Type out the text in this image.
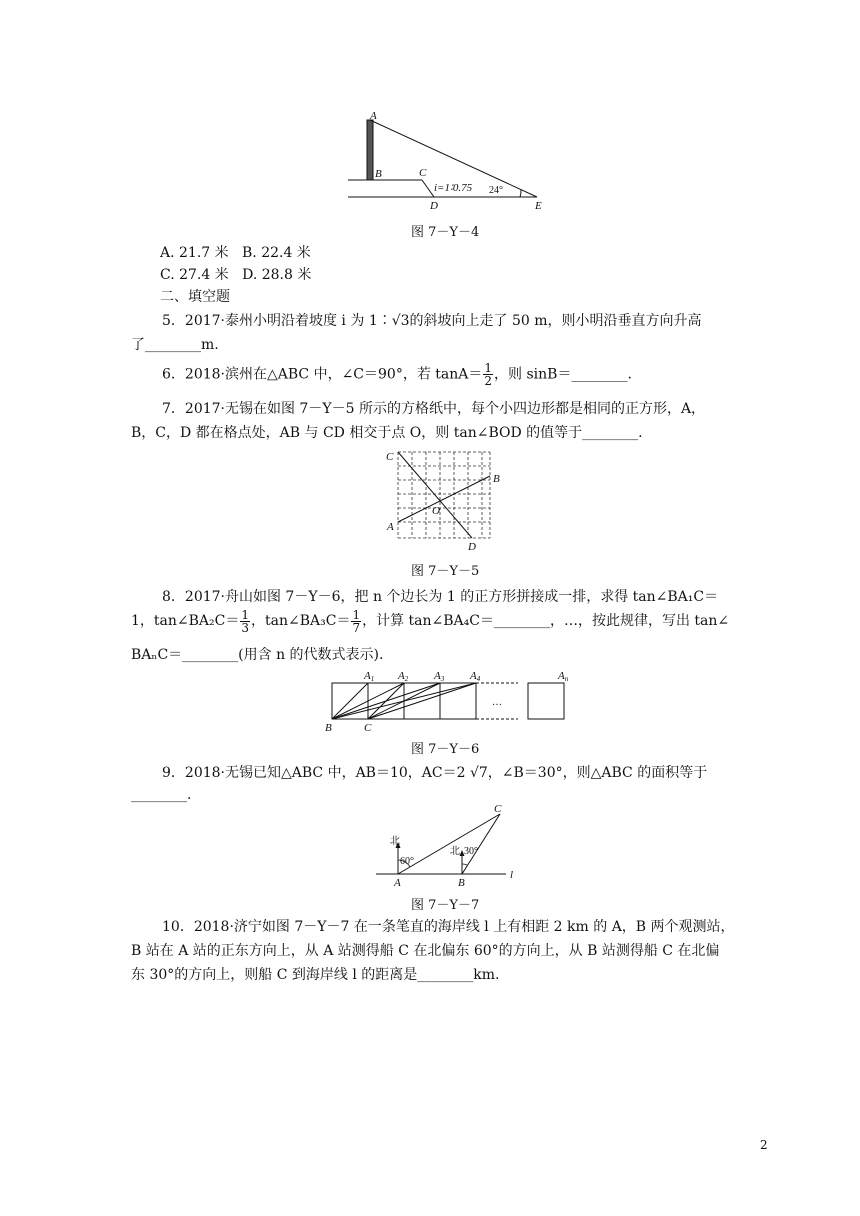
A
B	C
D	E
i=1∶0.75 24°
图 7－Y－4
A. 21.7 米 B. 22.4 米
C. 27.4 米 D. 28.8 米
二、填空题
5．2017·泰州小明沿着坡度 i 为 1∶√3的斜坡向上走了 50 m，则小明沿垂直方向升高
了________m.
6．2018·滨州在△ABC 中，∠C＝90°，若 $\tan A= \frac{1}{2}$ ，则 sinB＝________.
7．2017·无锡在如图 7－Y－5 所示的方格纸中，每个小四边形都是相同的正方形，A，
B，C，D 都在格点处，AB 与 CD 相交于点 O，则 tan∠BOD 的值等于________.
C
B
A
O
D
图 7－Y－5
8．2017·舟山如图 7－Y－6，把 n 个边长为 1 的正方形拼接成一排，求得 tan∠BA₁C＝
1，tan∠BA₂C＝ $\frac{1}{3}$ ，tan∠BA₃C＝ $\frac{1}{7}$ ，计算 tan∠BA₄C＝________，…，按此规律，写出 tan∠
BAₙC＝________(用含 n 的代数式表示).
A1 A2 A3 A4	An
…
B	C
图 7－Y－6
9．2018·无锡已知△ABC 中，AB＝10，AC＝2 √7，∠B＝30°，则△ABC 的面积等于
________.
北
北
60°
30°
A	B
C
l
图 7－Y－7
10．2018·济宁如图 7－Y－7 在一条笔直的海岸线 l 上有相距 2 km 的 A，B 两个观测站，
B 站在 A 站的正东方向上，从 A 站测得船 C 在北偏东 60°的方向上，从 B 站测得船 C 在北偏
东 30°的方向上，则船 C 到海岸线 l 的距离是________km.
2
